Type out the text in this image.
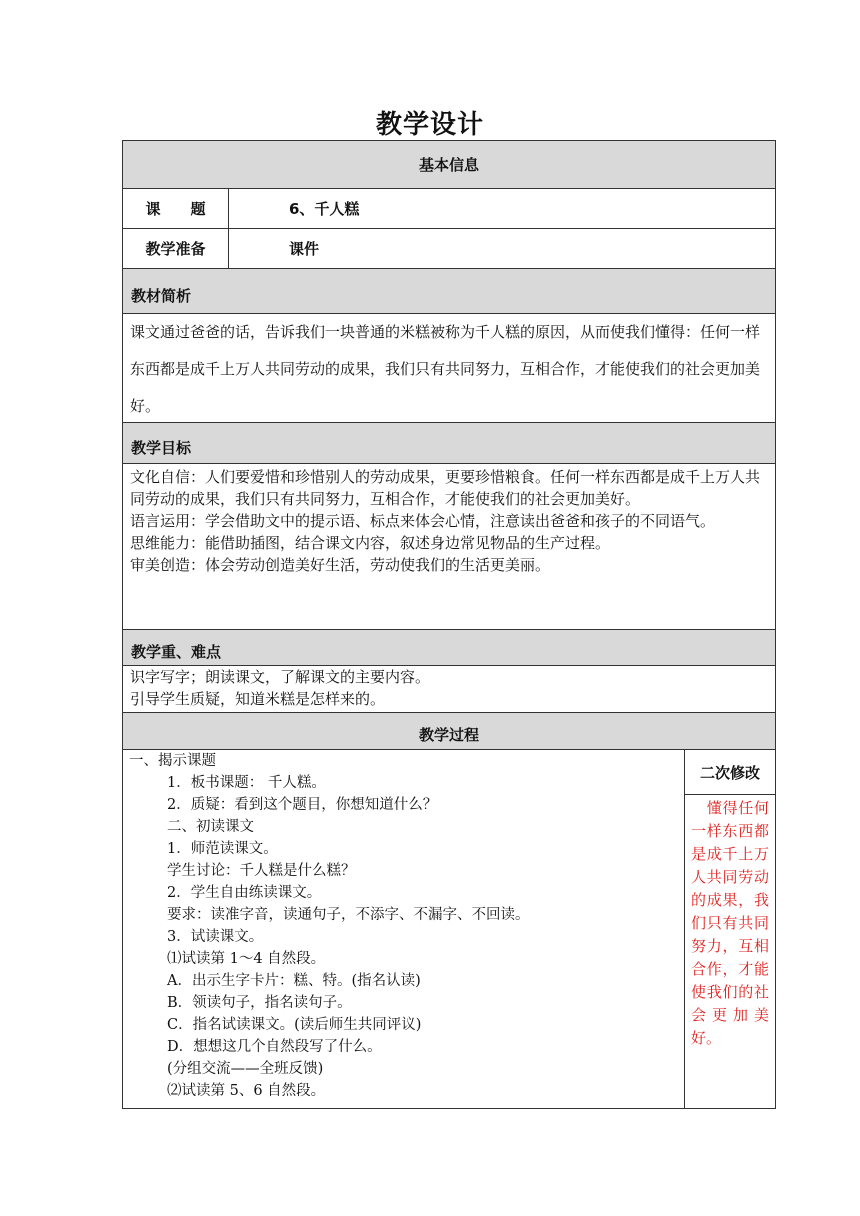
教学设计
基本信息
课　　题	6、千人糕
教学准备	课件
教材简析
课文通过爸爸的话，告诉我们一块普通的米糕被称为千人糕的原因，从而使我们懂得：任何一样东西都是成千上万人共同劳动的成果，我们只有共同努力，互相合作，才能使我们的社会更加美好。
教学目标
文化自信：人们要爱惜和珍惜别人的劳动成果，更要珍惜粮食。任何一样东西都是成千上万人共同劳动的成果，我们只有共同努力，互相合作，才能使我们的社会更加美好。
语言运用：学会借助文中的提示语、标点来体会心情，注意读出爸爸和孩子的不同语气。
思维能力：能借助插图，结合课文内容，叙述身边常见物品的生产过程。
审美创造：体会劳动创造美好生活，劳动使我们的生活更美丽。
教学重、难点
识字写字；朗读课文，了解课文的主要内容。
引导学生质疑，知道米糕是怎样来的。
教学过程
一、揭示课题
1．板书课题： 千人糕。
2．质疑：看到这个题目，你想知道什么？
二、初读课文
1．师范读课文。
学生讨论：千人糕是什么糕？
2．学生自由练读课文。
要求：读准字音，读通句子，不添字、不漏字、不回读。
3．试读课文。
⑴试读第 1～4 自然段。
A．出示生字卡片：糕、特。(指名认读)
B．领读句子，指名读句子。
C．指名试读课文。(读后师生共同评议)
D．想想这几个自然段写了什么。
(分组交流——全班反馈)
⑵试读第 5、6 自然段。
二次修改
　懂得任何一样东西都是成千上万人共同劳动的成果，我们只有共同努力，互相合作，才能使我们的社会更加美好。
